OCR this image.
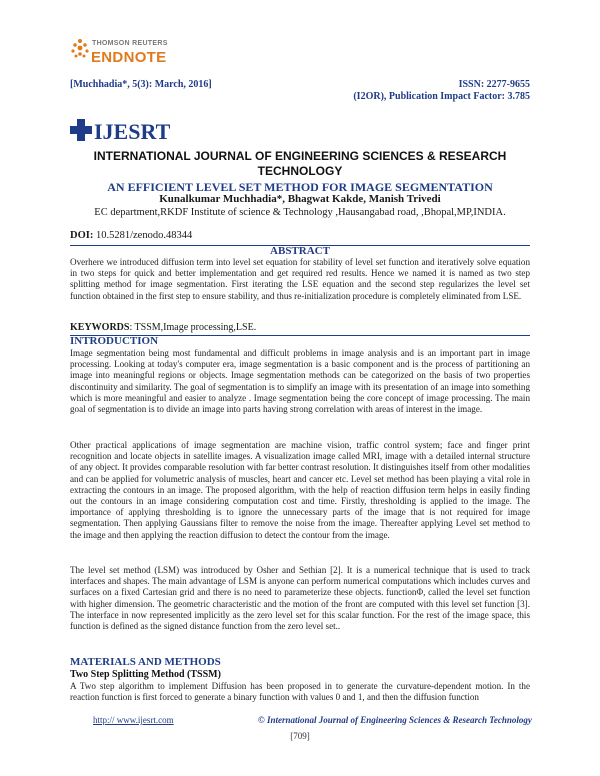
THOMSON REUTERS
ENDNOTE
[Muchhadia*, 5(3): March, 2016]	ISSN: 2277-9655
(I2OR), Publication Impact Factor: 3.785
IJESRT
INTERNATIONAL JOURNAL OF ENGINEERING SCIENCES & RESEARCH
TECHNOLOGY
AN EFFICIENT LEVEL SET METHOD FOR IMAGE SEGMENTATION
Kunalkumar Muchhadia*, Bhagwat Kakde, Manish Trivedi
EC department,RKDF Institute of science & Technology ,Hausangabad road, ,Bhopal,MP,INDIA.
DOI: 10.5281/zenodo.48344
ABSTRACT
Overhere we introduced diffusion term into level set equation for stability of level set function and iteratively solve equation in two steps for quick and better implementation and get required red results. Hence we named it is named as two step splitting method for image segmentation. First iterating the LSE equation and the second step regularizes the level set function obtained in the first step to ensure stability, and thus re-initialization procedure is completely eliminated from LSE.
KEYWORDS: TSSM,Image processing,LSE.
INTRODUCTION
Image segmentation being most fundamental and difficult problems in image analysis and is an important part in image processing. Looking at today's computer era, image segmentation is a basic component and is the process of partitioning an image into meaningful regions or objects. Image segmentation methods can be categorized on the basis of two properties discontinuity and similarity. The goal of segmentation is to simplify an image with its presentation of an image into something which is more meaningful and easier to analyze . Image segmentation being the core concept of image processing. The main goal of segmentation is to divide an image into parts having strong correlation with areas of interest in the image.
Other practical applications of image segmentation are machine vision, traffic control system; face and finger print recognition and locate objects in satellite images. A visualization image called MRI, image with a detailed internal structure of any object. It provides comparable resolution with far better contrast resolution. It distinguishes itself from other modalities and can be applied for volumetric analysis of muscles, heart and cancer etc. Level set method has been playing a vital role in extracting the contours in an image. The proposed algorithm, with the help of reaction diffusion term helps in easily finding out the contours in an image considering computation cost and time. Firstly, thresholding is applied to the image. The importance of applying thresholding is to ignore the unnecessary parts of the image that is not required for image segmentation. Then applying Gaussians filter to remove the noise from the image. Thereafter applying Level set method to the image and then applying the reaction diffusion to detect the contour from the image.
The level set method (LSM) was introduced by Osher and Sethian [2]. It is a numerical technique that is used to track interfaces and shapes. The main advantage of LSM is anyone can perform numerical computations which includes curves and surfaces on a fixed Cartesian grid and there is no need to parameterize these objects. functionΦ, called the level set function with higher dimension. The geometric characteristic and the motion of the front are computed with this level set function [3]. The interface in now represented implicitly as the zero level set for this scalar function. For the rest of the image space, this function is defined as the signed distance function from the zero level set..
MATERIALS AND METHODS
Two Step Splitting Method (TSSM)
A Two step algorithm to implement Diffusion has been proposed in to generate the curvature-dependent motion. In the reaction function is first forced to generate a binary function with values 0 and 1, and then the diffusion function
http:// www.ijesrt.com	© International Journal of Engineering Sciences & Research Technology
[709]
